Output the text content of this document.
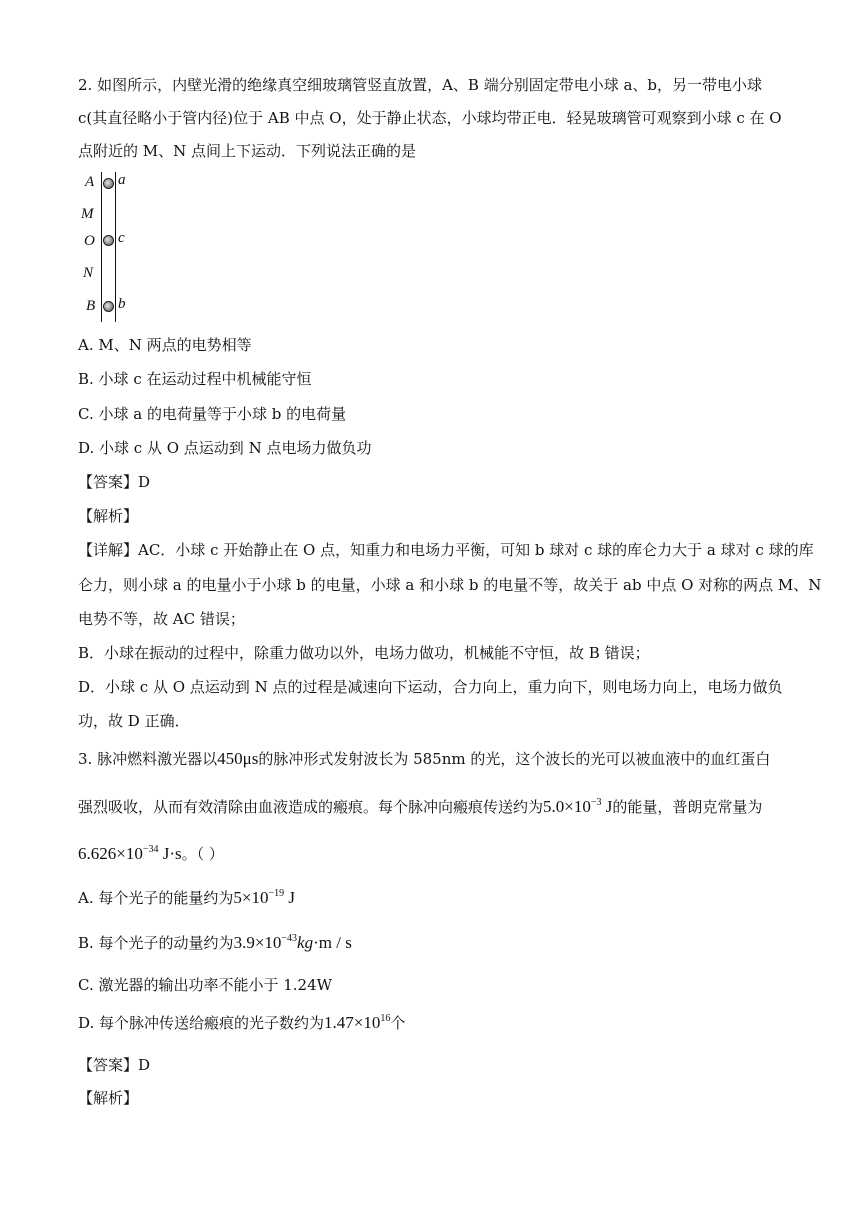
2. 如图所示，内壁光滑的绝缘真空细玻璃管竖直放置，A、B 端分别固定带电小球 a、b，另一带电小球
c(其直径略小于管内径)位于 AB 中点 O，处于静止状态，小球均带正电．轻晃玻璃管可观察到小球 c 在 O
点附近的 M、N 点间上下运动．下列说法正确的是
A
M
O
N
B
a
c
b
A. M、N 两点的电势相等
B. 小球 c 在运动过程中机械能守恒
C. 小球 a 的电荷量等于小球 b 的电荷量
D. 小球 c 从 O 点运动到 N 点电场力做负功
【答案】D
【解析】
【详解】AC．小球 c 开始静止在 O 点，知重力和电场力平衡，可知 b 球对 c 球的库仑力大于 a 球对 c 球的库
仑力，则小球 a 的电量小于小球 b 的电量，小球 a 和小球 b 的电量不等，故关于 ab 中点 O 对称的两点 M、N
电势不等，故 AC 错误；
B．小球在振动的过程中，除重力做功以外，电场力做功，机械能不守恒，故 B 错误；
D．小球 c 从 O 点运动到 N 点的过程是减速向下运动，合力向上，重力向下，则电场力向上，电场力做负
功，故 D 正确．
3. 脉冲燃料激光器以450μs的脉冲形式发射波长为 585nm 的光，这个波长的光可以被血液中的血红蛋白
强烈吸收，从而有效清除由血液造成的瘢痕。每个脉冲向瘢痕传送约为$5.0\times 10^{-3}$ J的能量，普朗克常量为
$6.626\times 10^{-34}$ J·s。（ ）
A. 每个光子的能量约为$5\times 10^{-19}$ J
B. 每个光子的动量约为$3.9\times 10^{-43}kg\cdot m / s$
C. 激光器的输出功率不能小于 1.24W
D. 每个脉冲传送给瘢痕的光子数约为$1.47\times 10^{16}$个
【答案】D
【解析】
